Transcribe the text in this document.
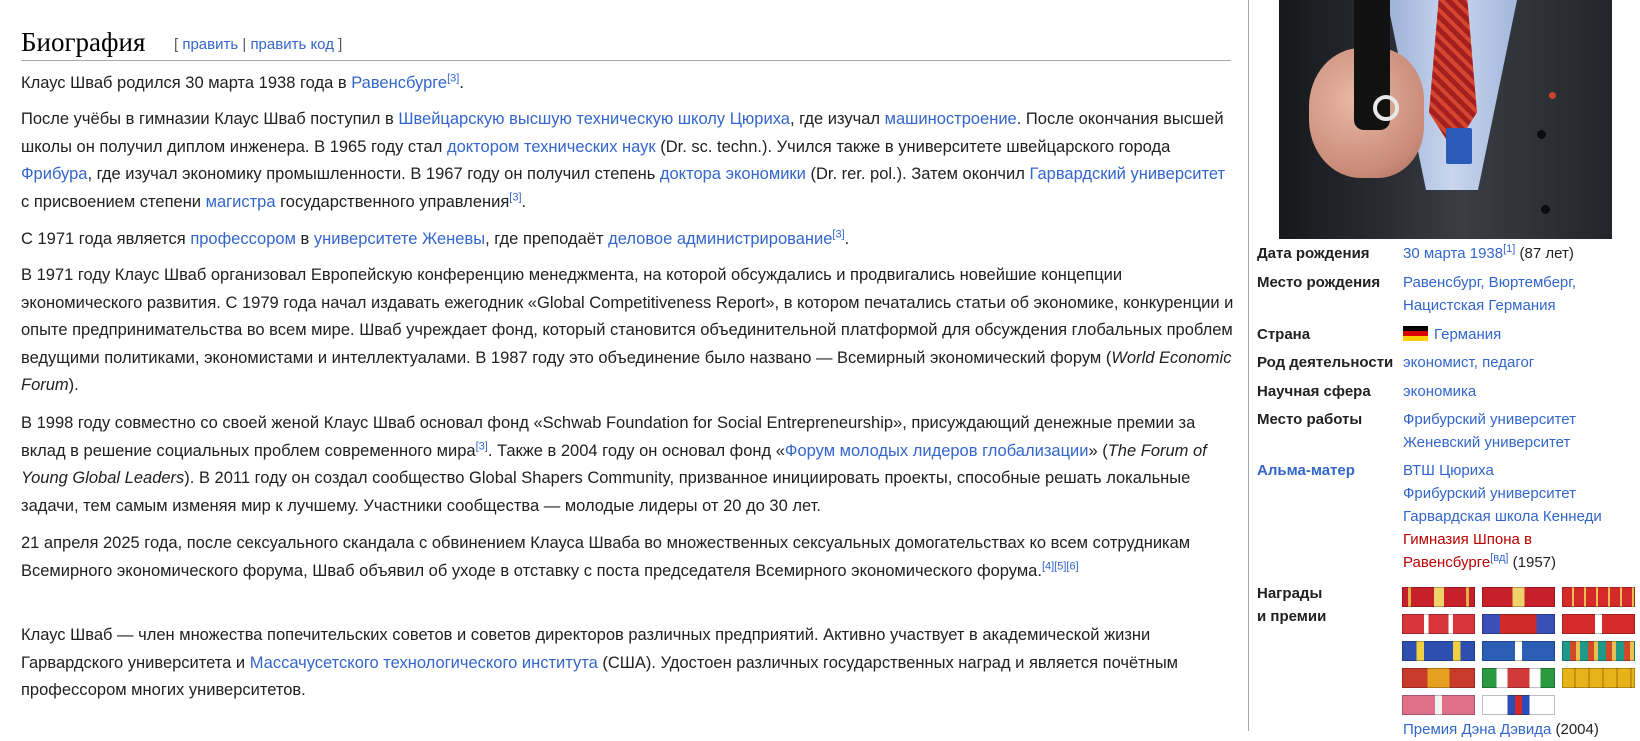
Биография [ править | править код ]

Клаус Шваб родился 30 марта 1938 года в Равенсбурге[3].

После учёбы в гимназии Клаус Шваб поступил в Швейцарскую высшую техническую школу Цюриха, где изучал машиностроение. После окончания высшей школы он получил диплом инженера. В 1965 году стал доктором технических наук (Dr. sc. techn.). Учился также в университете швейцарского города Фрибура, где изучал экономику промышленности. В 1967 году он получил степень доктора экономики (Dr. rer. pol.). Затем окончил Гарвардский университет с присвоением степени магистра государственного управления[3].

С 1971 года является профессором в университете Женевы, где преподаёт деловое администрирование[3].

В 1971 году Клаус Шваб организовал Европейскую конференцию менеджмента, на которой обсуждались и продвигались новейшие концепции экономического развития. С 1979 года начал издавать ежегодник «Global Competitiveness Report», в котором печатались статьи об экономике, конкуренции и опыте предпринимательства во всем мире. Шваб учреждает фонд, который становится объединительной платформой для обсуждения глобальных проблем ведущими политиками, экономистами и интеллектуалами. В 1987 году это объединение было названо — Всемирный экономический форум (World Economic Forum).

В 1998 году совместно со своей женой Клаус Шваб основал фонд «Schwab Foundation for Social Entrepreneurship», присуждающий денежные премии за вклад в решение социальных проблем современного мира[3]. Также в 2004 году он основал фонд «Форум молодых лидеров глобализации» (The Forum of Young Global Leaders). В 2011 году он создал сообщество Global Shapers Community, призванное инициировать проекты, способные решать локальные задачи, тем самым изменяя мир к лучшему. Участники сообщества — молодые лидеры от 20 до 30 лет.

21 апреля 2025 года, после сексуального скандала с обвинением Клауса Шваба во множественных сексуальных домогательствах ко всем сотрудникам Всемирного экономического форума, Шваб объявил об уходе в отставку с поста председателя Всемирного экономического форума.[4][5][6]

Клаус Шваб — член множества попечительских советов и советов директоров различных предприятий. Активно участвует в академической жизни Гарвардского университета и Массачусетского технологического института (США). Удостоен различных государственных наград и является почётным профессором многих университетов.

Дата рождения 30 марта 1938[1] (87 лет)
Место рождения Равенсбург, Вюртемберг,
Нацистская Германия
Страна	Германия
Род деятельности экономист, педагог
Научная сфера экономика
Место работы	Фрибурский университет
Женевский университет
Альма-матер	ВТШ Цюриха
Фрибурский университет
Гарвардская школа Кеннеди
Гимназия Шпона в
Равенсбурге[вд] (1957)
Награды
и премии
Премия Дэна Дэвида (2004)
